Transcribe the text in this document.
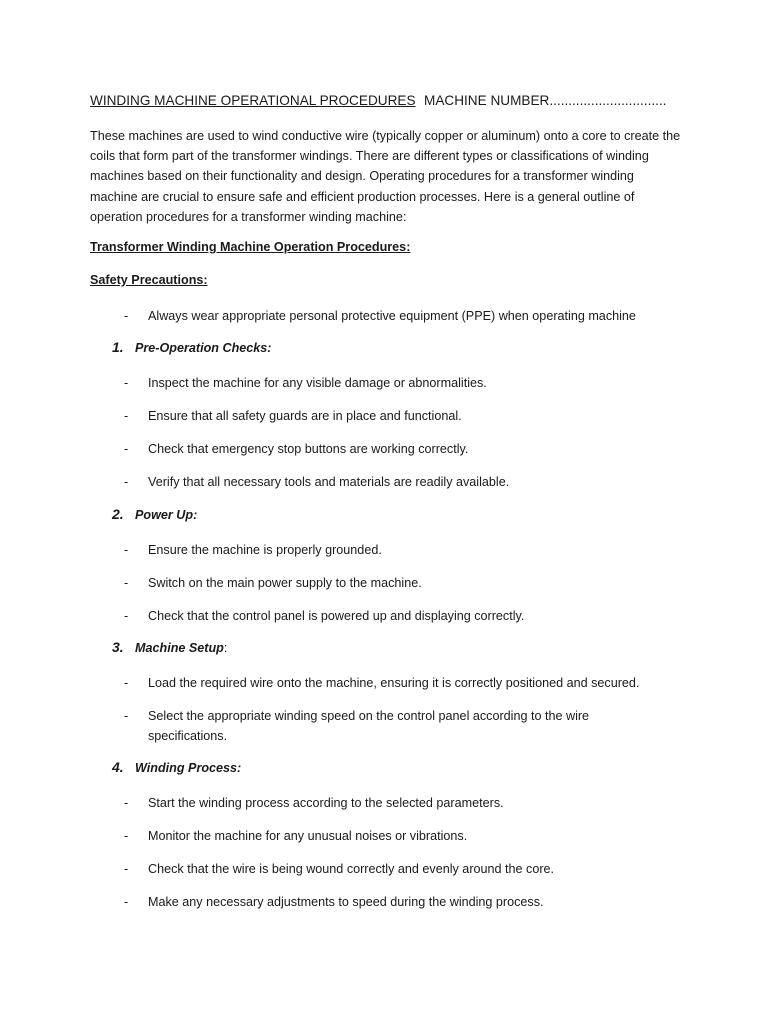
WINDING MACHINE OPERATIONAL PROCEDURES MACHINE NUMBER...............................

These machines are used to wind conductive wire (typically copper or aluminum) onto a core to create the coils that form part of the transformer windings. There are different types or classifications of winding machines based on their functionality and design. Operating procedures for a transformer winding machine are crucial to ensure safe and efficient production processes. Here is a general outline of operation procedures for a transformer winding machine:

Transformer Winding Machine Operation Procedures:
Safety Precautions:
- Always wear appropriate personal protective equipment (PPE) when operating machine
1. Pre-Operation Checks:
- Inspect the machine for any visible damage or abnormalities.
- Ensure that all safety guards are in place and functional.
- Check that emergency stop buttons are working correctly.
- Verify that all necessary tools and materials are readily available.
2. Power Up:
- Ensure the machine is properly grounded.
- Switch on the main power supply to the machine.
- Check that the control panel is powered up and displaying correctly.
3. Machine Setup:
- Load the required wire onto the machine, ensuring it is correctly positioned and secured.
- Select the appropriate winding speed on the control panel according to the wire specifications.
4. Winding Process:
- Start the winding process according to the selected parameters.
- Monitor the machine for any unusual noises or vibrations.
- Check that the wire is being wound correctly and evenly around the core.
- Make any necessary adjustments to speed during the winding process.
